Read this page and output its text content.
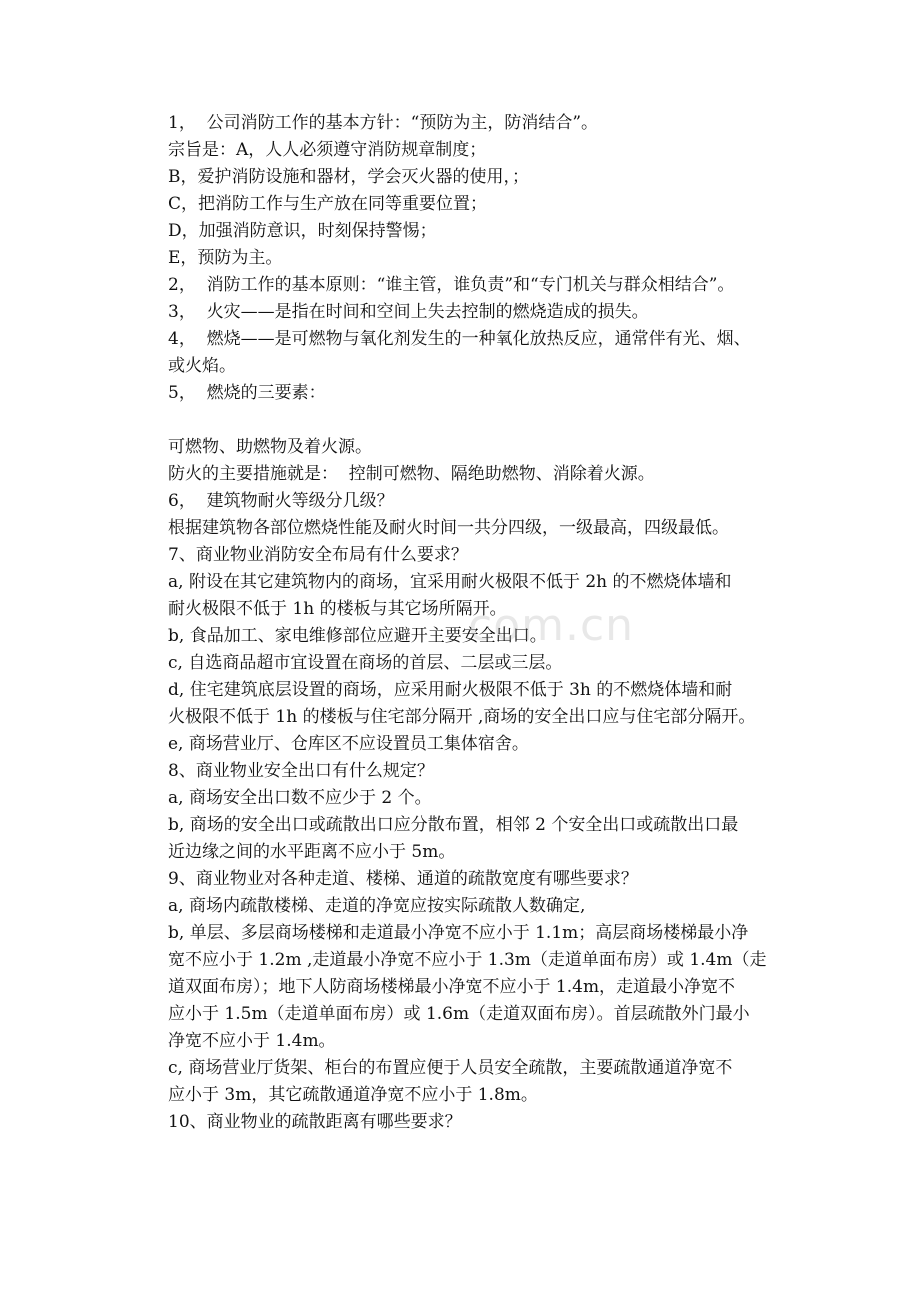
1，  公司消防工作的基本方针：“预防为主，防消结合”。
宗旨是：A，人人必须遵守消防规章制度；
B，爱护消防设施和器材，学会灭火器的使用，；
C，把消防工作与生产放在同等重要位置；
D，加强消防意识，时刻保持警惕；
E，预防为主。
2，  消防工作的基本原则：“谁主管，谁负责”和“专门机关与群众相结合”。
3，  火灾——是指在时间和空间上失去控制的燃烧造成的损失。
4，  燃烧——是可燃物与氧化剂发生的一种氧化放热反应，通常伴有光、烟、
或火焰。
5，  燃烧的三要素：
可燃物、助燃物及着火源。
防火的主要措施就是：  控制可燃物、隔绝助燃物、消除着火源。
6，  建筑物耐火等级分几级？
根据建筑物各部位燃烧性能及耐火时间一共分四级，一级最高，四级最低。
7、商业物业消防安全布局有什么要求？
a, 附设在其它建筑物内的商场，宜采用耐火极限不低于 2h 的不燃烧体墙和
耐火极限不低于 1h 的楼板与其它场所隔开。
b, 食品加工、家电维修部位应避开主要安全出口。
c, 自选商品超市宜设置在商场的首层、二层或三层。
d, 住宅建筑底层设置的商场，应采用耐火极限不低于 3h 的不燃烧体墙和耐
火极限不低于 1h 的楼板与住宅部分隔开 ,商场的安全出口应与住宅部分隔开。
e, 商场营业厅、仓库区不应设置员工集体宿舍。
8、商业物业安全出口有什么规定？
a, 商场安全出口数不应少于 2 个。
b, 商场的安全出口或疏散出口应分散布置，相邻 2 个安全出口或疏散出口最
近边缘之间的水平距离不应小于 5m。
9、商业物业对各种走道、楼梯、通道的疏散宽度有哪些要求？
a, 商场内疏散楼梯、走道的净宽应按实际疏散人数确定,
b, 单层、多层商场楼梯和走道最小净宽不应小于 1.1m；高层商场楼梯最小净
宽不应小于 1.2m ,走道最小净宽不应小于 1.3m（走道单面布房）或 1.4m（走
道双面布房）；地下人防商场楼梯最小净宽不应小于 1.4m，走道最小净宽不
应小于 1.5m（走道单面布房）或 1.6m（走道双面布房）。首层疏散外门最小
净宽不应小于 1.4m。
c, 商场营业厅货架、柜台的布置应便于人员安全疏散，主要疏散通道净宽不
应小于 3m，其它疏散通道净宽不应小于 1.8m。
10、商业物业的疏散距离有哪些要求？
com.cn
